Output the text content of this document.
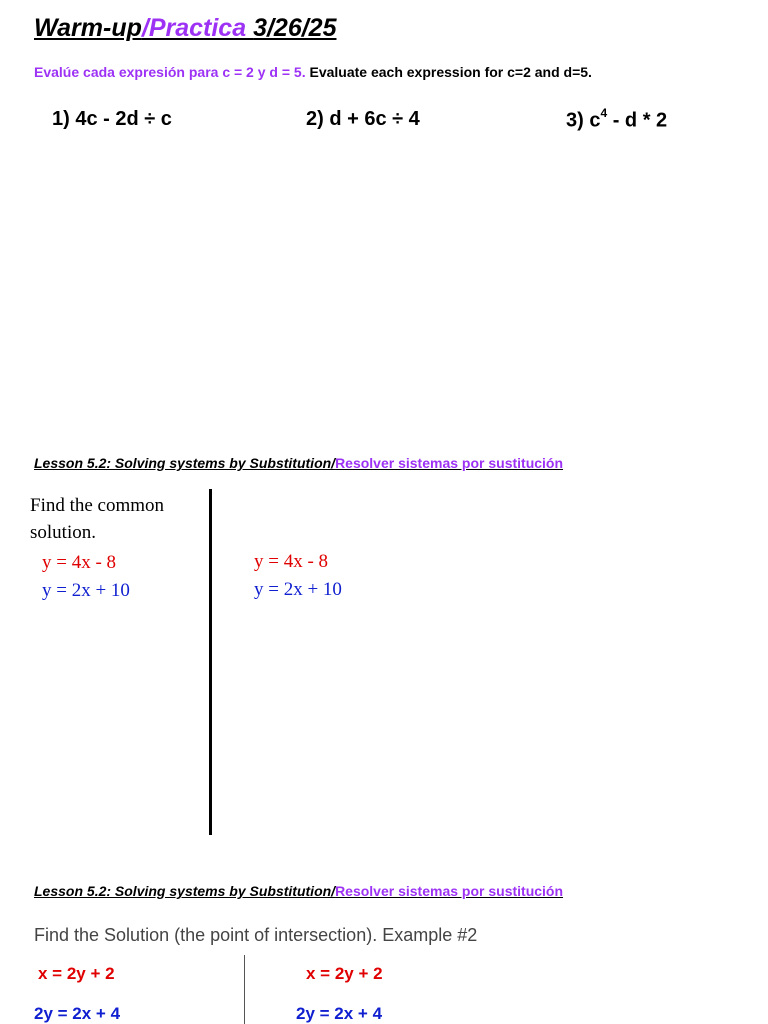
Warm-up/Practica 3/26/25
Evalúe cada expresión para c = 2 y d = 5. Evaluate each expression for c=2 and d=5.
1) 4c - 2d ÷ c	2) d + 6c ÷ 4	3) $c^4$ - d * 2
Lesson 5.2: Solving systems by Substitution/Resolver sistemas por sustitución
Find the common solution.
y = 4x - 8
y = 2x + 10
y = 4x - 8
y = 2x + 10
Lesson 5.2: Solving systems by Substitution/Resolver sistemas por sustitución
Find the Solution (the point of intersection). Example #2
x = 2y + 2
2y = 2x + 4
x = 2y + 2
2y = 2x + 4
